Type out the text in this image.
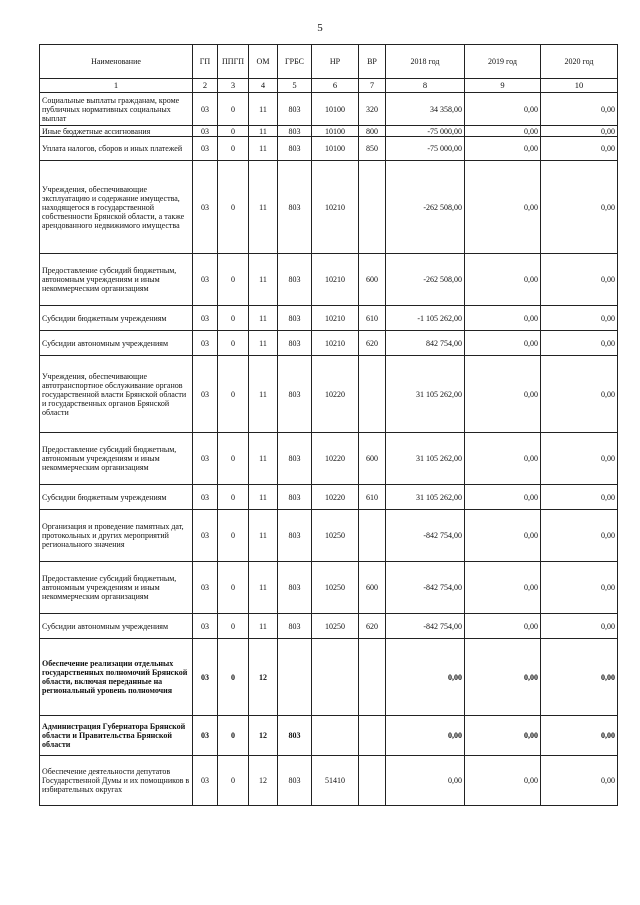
5
Наименование	ГП	ППГП	ОМ	ГРБС	НР	ВР	2018 год	2019 год	2020 год
1	2	3	4	5	6	7	8	9	10
Социальные выплаты гражданам, кроме публичных нормативных социальных выплат	03	0	11	803	10100	320	34 358,00	0,00	0,00
Иные бюджетные ассигнования	03	0	11	803	10100	800	-75 000,00	0,00	0,00
Уплата налогов, сборов и иных платежей	03	0	11	803	10100	850	-75 000,00	0,00	0,00
Учреждения, обеспечивающие эксплуатацию и содержание имущества, находящегося в государственной собственности Брянской области, а также арендованного недвижимого имущества	03	0	11	803	10210		-262 508,00	0,00	0,00
Предоставление субсидий бюджетным, автономным учреждениям и иным некоммерческим организациям	03	0	11	803	10210	600	-262 508,00	0,00	0,00
Субсидии бюджетным учреждениям	03	0	11	803	10210	610	-1 105 262,00	0,00	0,00
Субсидии автономным учреждениям	03	0	11	803	10210	620	842 754,00	0,00	0,00
Учреждения, обеспечивающие автотранспортное обслуживание органов государственной власти Брянской области и государственных органов Брянской области	03	0	11	803	10220		31 105 262,00	0,00	0,00
Предоставление субсидий бюджетным, автономным учреждениям и иным некоммерческим организациям	03	0	11	803	10220	600	31 105 262,00	0,00	0,00
Субсидии бюджетным учреждениям	03	0	11	803	10220	610	31 105 262,00	0,00	0,00
Организация и проведение памятных дат, протокольных и других мероприятий регионального значения	03	0	11	803	10250		-842 754,00	0,00	0,00
Предоставление субсидий бюджетным, автономным учреждениям и иным некоммерческим организациям	03	0	11	803	10250	600	-842 754,00	0,00	0,00
Субсидии автономным учреждениям	03	0	11	803	10250	620	-842 754,00	0,00	0,00
Обеспечение реализации отдельных государственных полномочий Брянской области, включая переданные на региональный уровень полномочия	03	0	12				0,00	0,00	0,00
Администрация Губернатора Брянской области и Правительства Брянской области	03	0	12	803			0,00	0,00	0,00
Обеспечение деятельности депутатов Государственной Думы и их помощников в избирательных округах	03	0	12	803	51410		0,00	0,00	0,00
